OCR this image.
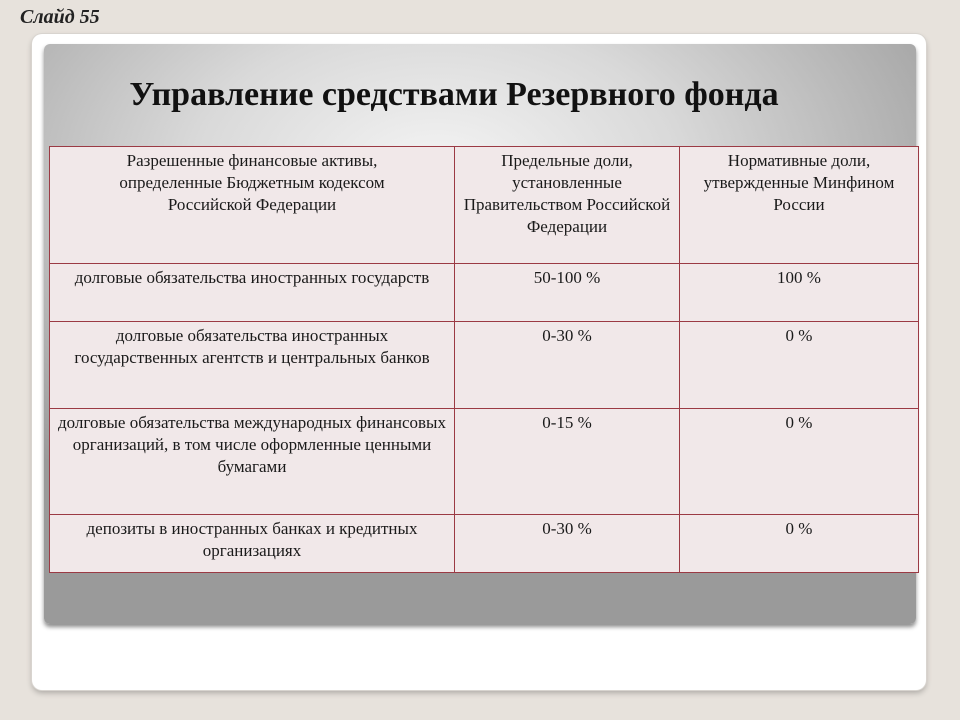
Слайд 55
Управление средствами Резервного фонда
Разрешенные финансовые активы, определенные Бюджетным кодексом Российской Федерации	Предельные доли, установленные Правительством Российской Федерации	Нормативные доли, утвержденные Минфином России

долговые обязательства иностранных государств	50-100 %	100 %
долговые обязательства иностранных государственных агентств и центральных банков	0-30 %	0 %
долговые обязательства международных финансовых организаций, в том числе оформленные ценными бумагами	0-15 %	0 %

депозиты в иностранных банках и кредитных организациях	0-30 %	0 %
